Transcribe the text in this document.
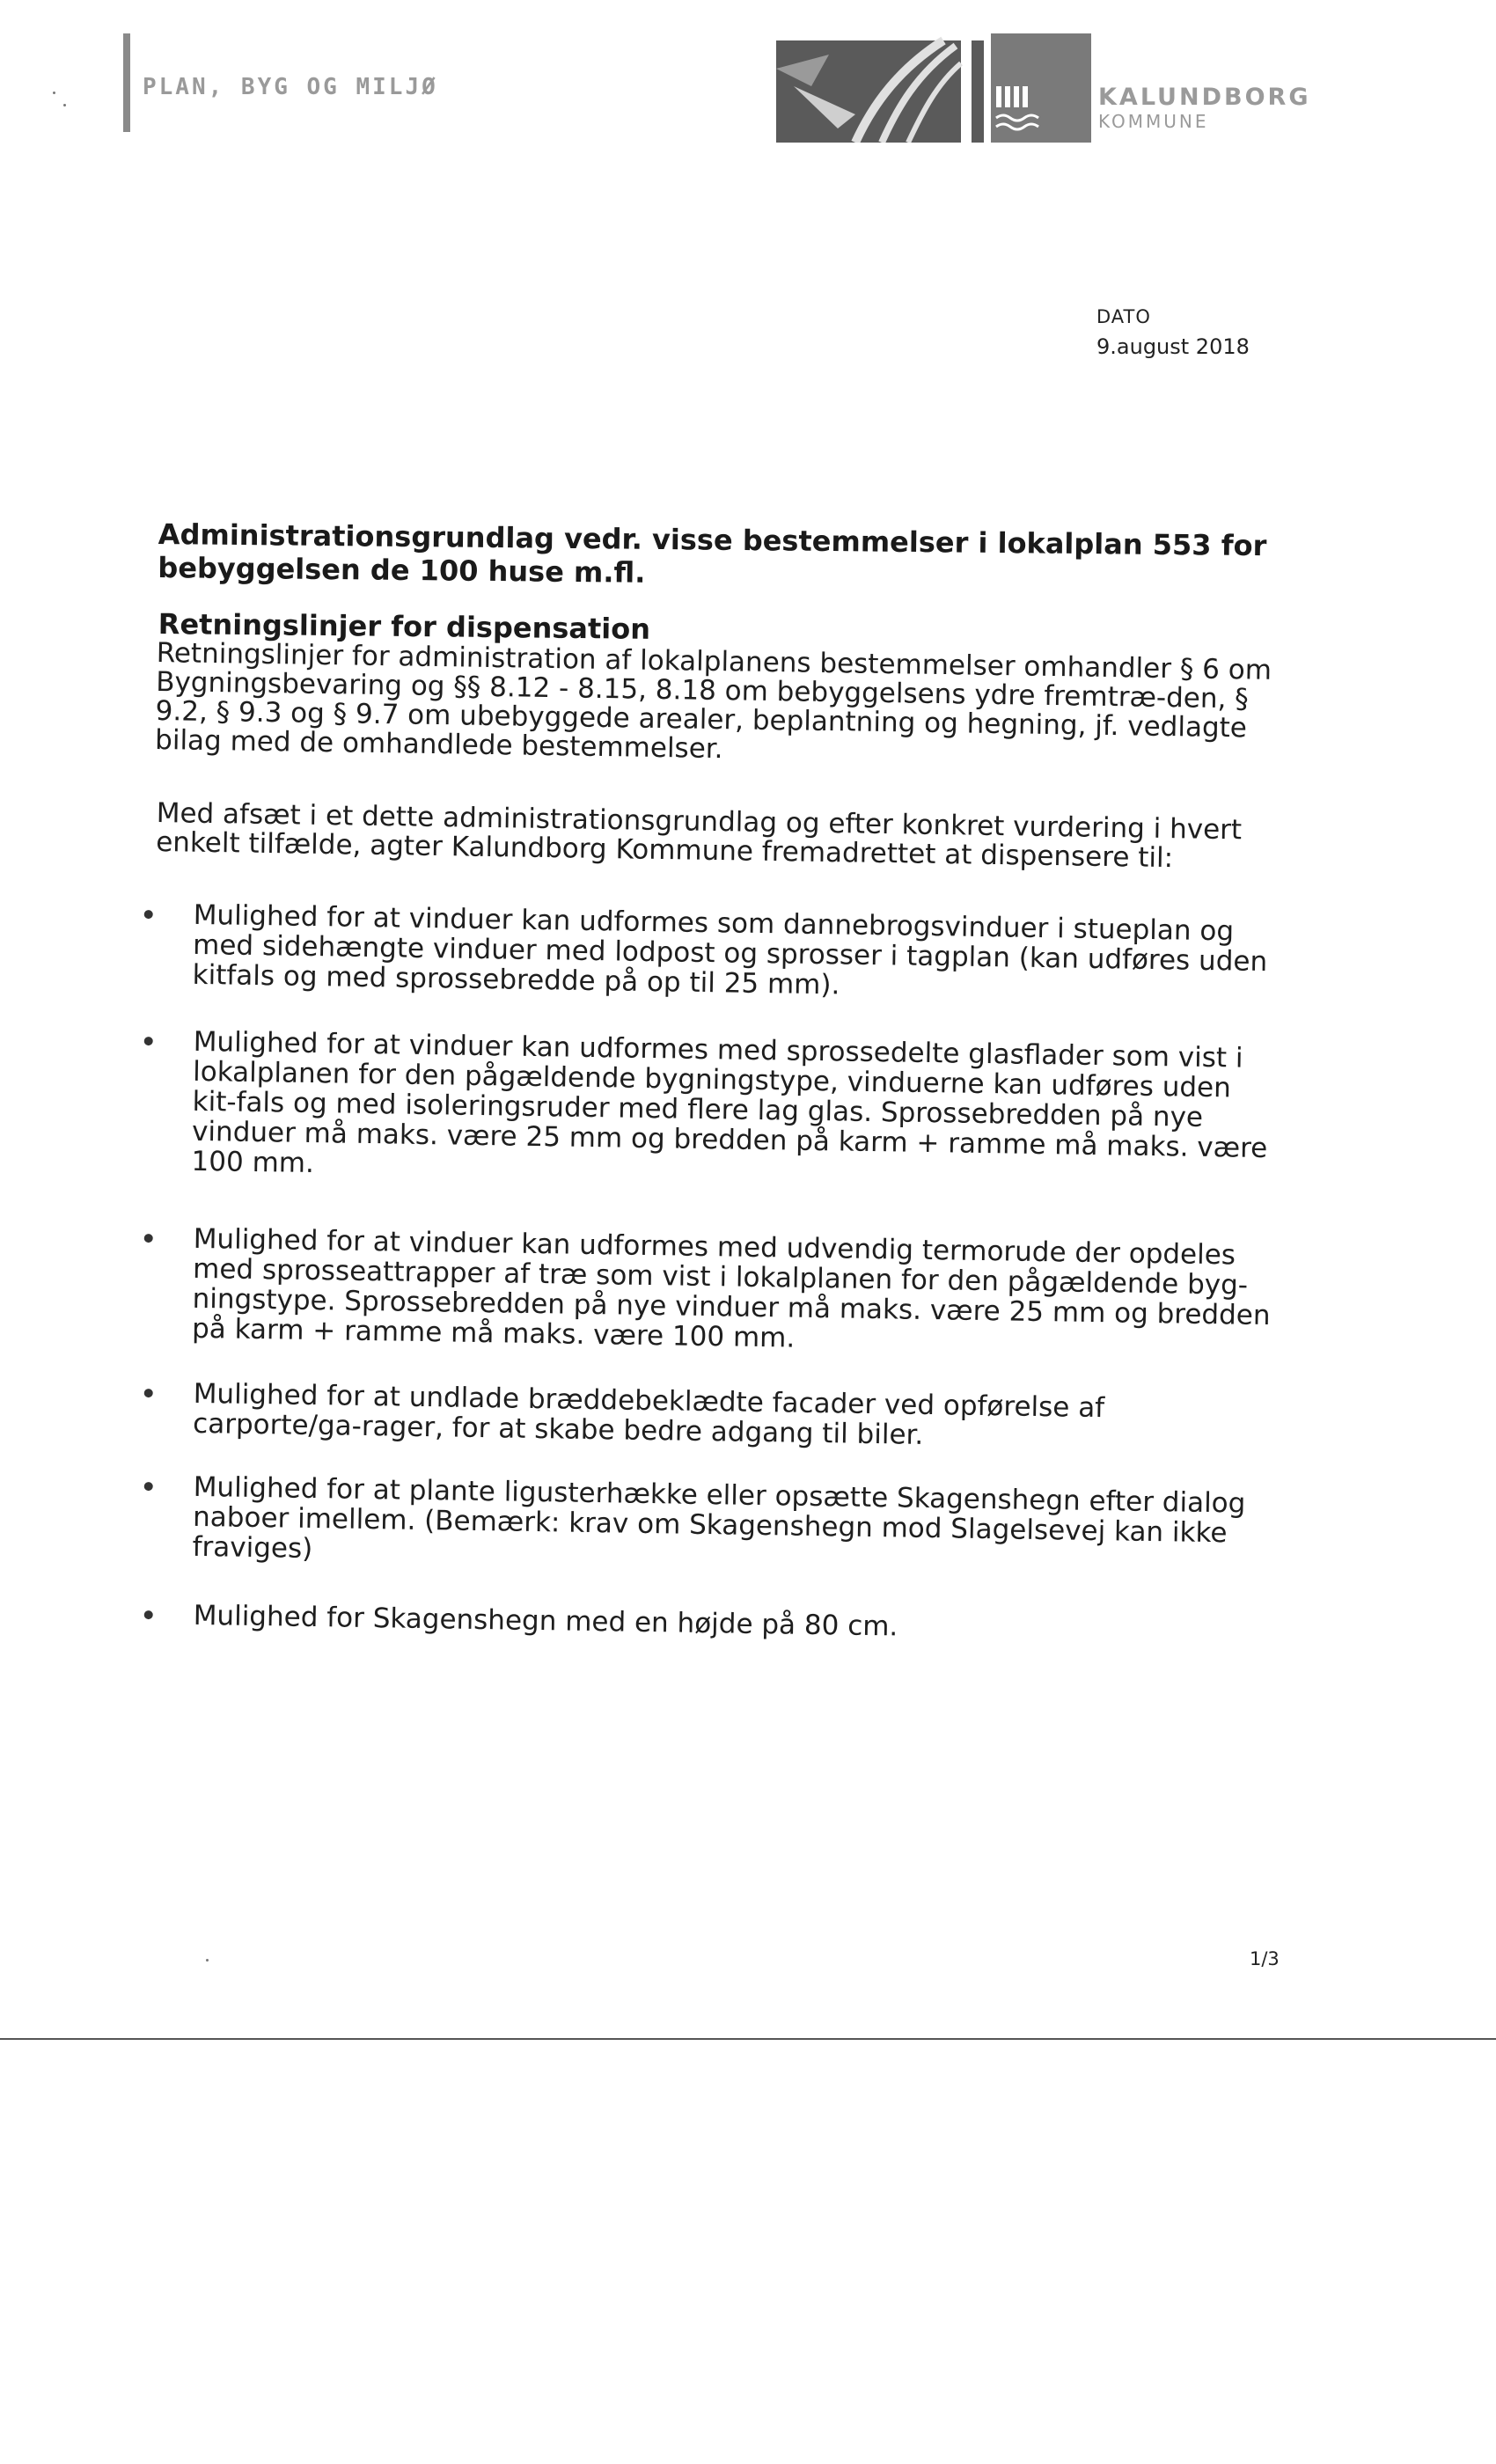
PLAN, BYG OG MILJØ	KALUNDBORG
KOMMUNE
DATO
9.august 2018
Administrationsgrundlag vedr. visse bestemmelser i lokalplan 553 for bebyggelsen de 100 huse m.fl.
Retningslinjer for dispensation
Retningslinjer for administration af lokalplanens bestemmelser omhandler § 6 om Bygningsbevaring og §§ 8.12 - 8.15, 8.18 om bebyggelsens ydre fremtræ-den, § 9.2, § 9.3 og § 9.7 om ubebyggede arealer, beplantning og hegning, jf. vedlagte bilag med de omhandlede bestemmelser.
Med afsæt i et dette administrationsgrundlag og efter konkret vurdering i hvert enkelt tilfælde, agter Kalundborg Kommune fremadrettet at dispensere til:
Mulighed for at vinduer kan udformes som dannebrogsvinduer i stueplan og med sidehængte vinduer med lodpost og sprosser i tagplan (kan udføres uden kitfals og med sprossebredde på op til 25 mm).
Mulighed for at vinduer kan udformes med sprossedelte glasflader som vist i lokalplanen for den pågældende bygningstype, vinduerne kan udføres uden kit-fals og med isoleringsruder med flere lag glas. Sprossebredden på nye vinduer må maks. være 25 mm og bredden på karm + ramme må maks. være 100 mm.
Mulighed for at vinduer kan udformes med udvendig termorude der opdeles med sprosseattrapper af træ som vist i lokalplanen for den pågældende byg-ningstype. Sprossebredden på nye vinduer må maks. være 25 mm og bredden på karm + ramme må maks. være 100 mm.
Mulighed for at undlade bræddebeklædte facader ved opførelse af carporte/ga-rager, for at skabe bedre adgang til biler.
Mulighed for at plante ligusterhække eller opsætte Skagenshegn efter dialog naboer imellem. (Bemærk: krav om Skagenshegn mod Slagelsevej kan ikke fraviges)
Mulighed for Skagenshegn med en højde på 80 cm.
1/3
